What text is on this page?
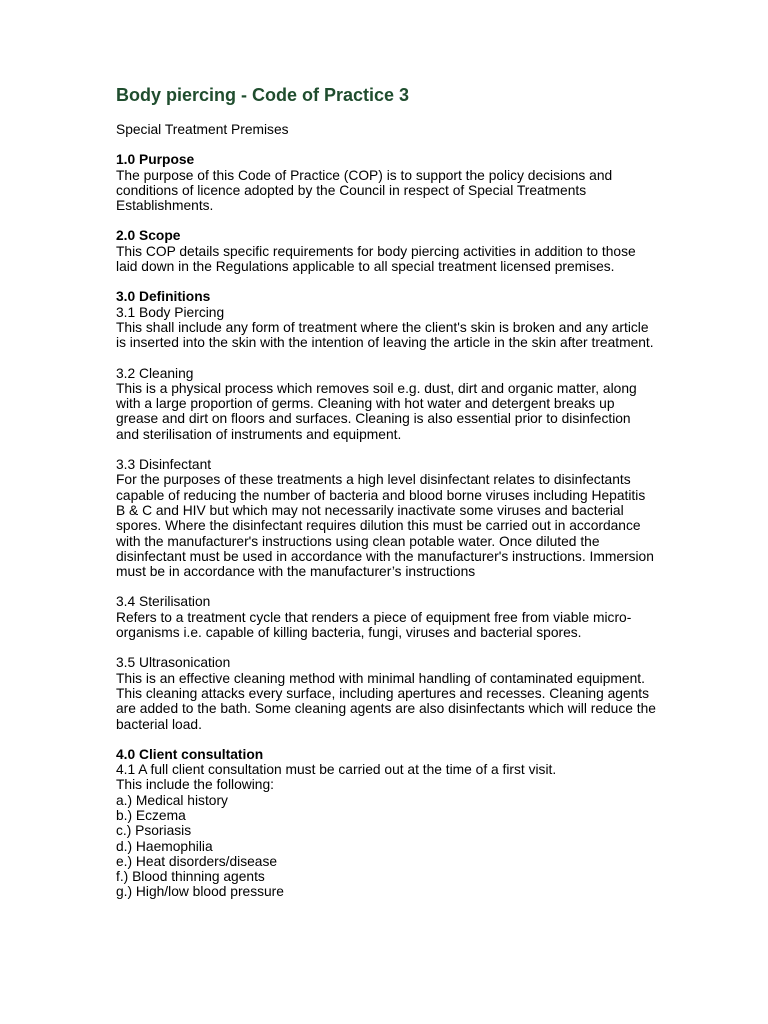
Body piercing - Code of Practice 3
Special Treatment Premises
1.0 Purpose
The purpose of this Code of Practice (COP) is to support the policy decisions and conditions of licence adopted by the Council in respect of Special Treatments Establishments.
2.0 Scope
This COP details specific requirements for body piercing activities in addition to those laid down in the Regulations applicable to all special treatment licensed premises.
3.0 Definitions
3.1 Body Piercing
This shall include any form of treatment where the client's skin is broken and any article is inserted into the skin with the intention of leaving the article in the skin after treatment.
3.2 Cleaning
This is a physical process which removes soil e.g. dust, dirt and organic matter, along with a large proportion of germs. Cleaning with hot water and detergent breaks up grease and dirt on floors and surfaces. Cleaning is also essential prior to disinfection and sterilisation of instruments and equipment.
3.3 Disinfectant
For the purposes of these treatments a high level disinfectant relates to disinfectants capable of reducing the number of bacteria and blood borne viruses including Hepatitis B & C and HIV but which may not necessarily inactivate some viruses and bacterial spores. Where the disinfectant requires dilution this must be carried out in accordance with the manufacturer's instructions using clean potable water. Once diluted the disinfectant must be used in accordance with the manufacturer's instructions. Immersion must be in accordance with the manufacturer’s instructions
3.4 Sterilisation
Refers to a treatment cycle that renders a piece of equipment free from viable micro-organisms i.e. capable of killing bacteria, fungi, viruses and bacterial spores.
3.5 Ultrasonication
This is an effective cleaning method with minimal handling of contaminated equipment. This cleaning attacks every surface, including apertures and recesses. Cleaning agents are added to the bath. Some cleaning agents are also disinfectants which will reduce the bacterial load.
4.0 Client consultation
4.1 A full client consultation must be carried out at the time of a first visit.
This include the following:
a.) Medical history
b.) Eczema
c.) Psoriasis
d.) Haemophilia
e.) Heat disorders/disease
f.) Blood thinning agents
g.) High/low blood pressure
